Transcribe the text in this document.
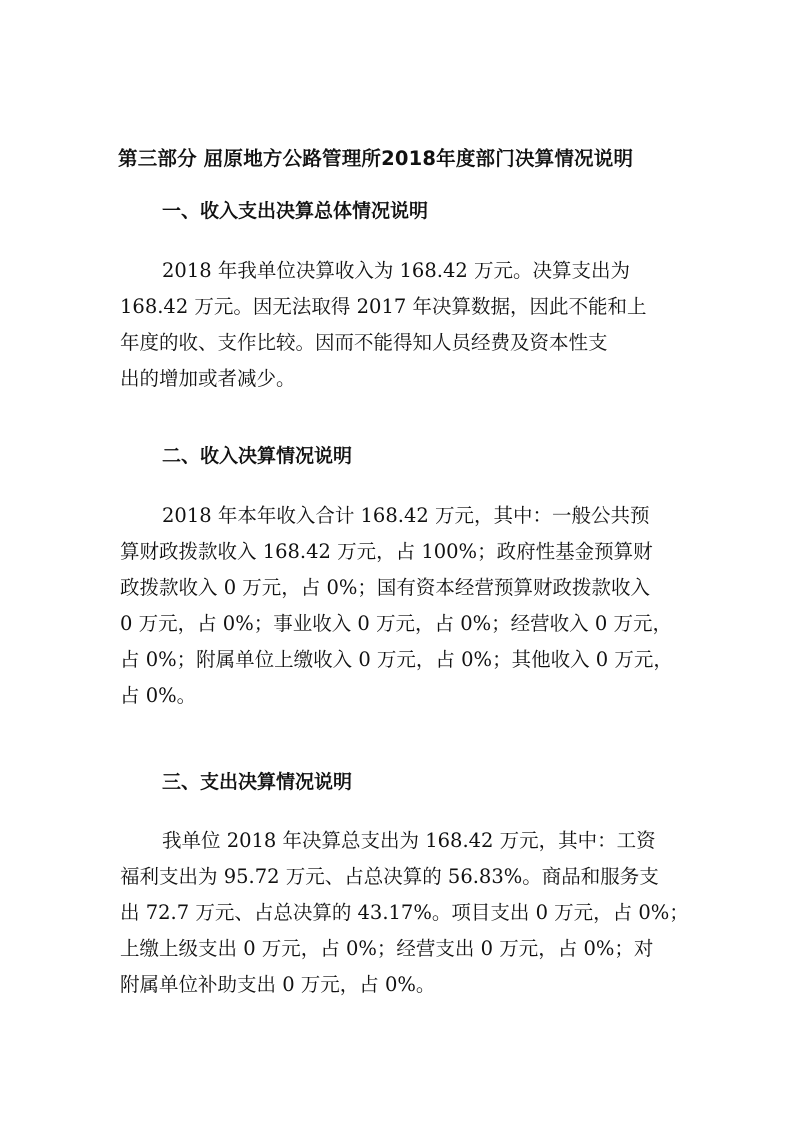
第三部分 屈原地方公路管理所2018年度部门决算情况说明
一、收入支出决算总体情况说明
2018 年我单位决算收入为 168.42 万元。决算支出为
168.42 万元。因无法取得 2017 年决算数据，因此不能和上
年度的收、支作比较。因而不能得知人员经费及资本性支
出的增加或者减少。
二、收入决算情况说明
2018 年本年收入合计 168.42 万元，其中：一般公共预
算财政拨款收入 168.42 万元，占 100%；政府性基金预算财
政拨款收入 0 万元，占 0%；国有资本经营预算财政拨款收入
0 万元，占 0%；事业收入 0 万元，占 0%；经营收入 0 万元，
占 0%；附属单位上缴收入 0 万元，占 0%；其他收入 0 万元，
占 0%。
三、支出决算情况说明
我单位 2018 年决算总支出为 168.42 万元，其中：工资
福利支出为 95.72 万元、占总决算的 56.83%。商品和服务支
出 72.7 万元、占总决算的 43.17%。项目支出 0 万元，占 0%；
上缴上级支出 0 万元，占 0%；经营支出 0 万元，占 0%；对
附属单位补助支出 0 万元，占 0%。
